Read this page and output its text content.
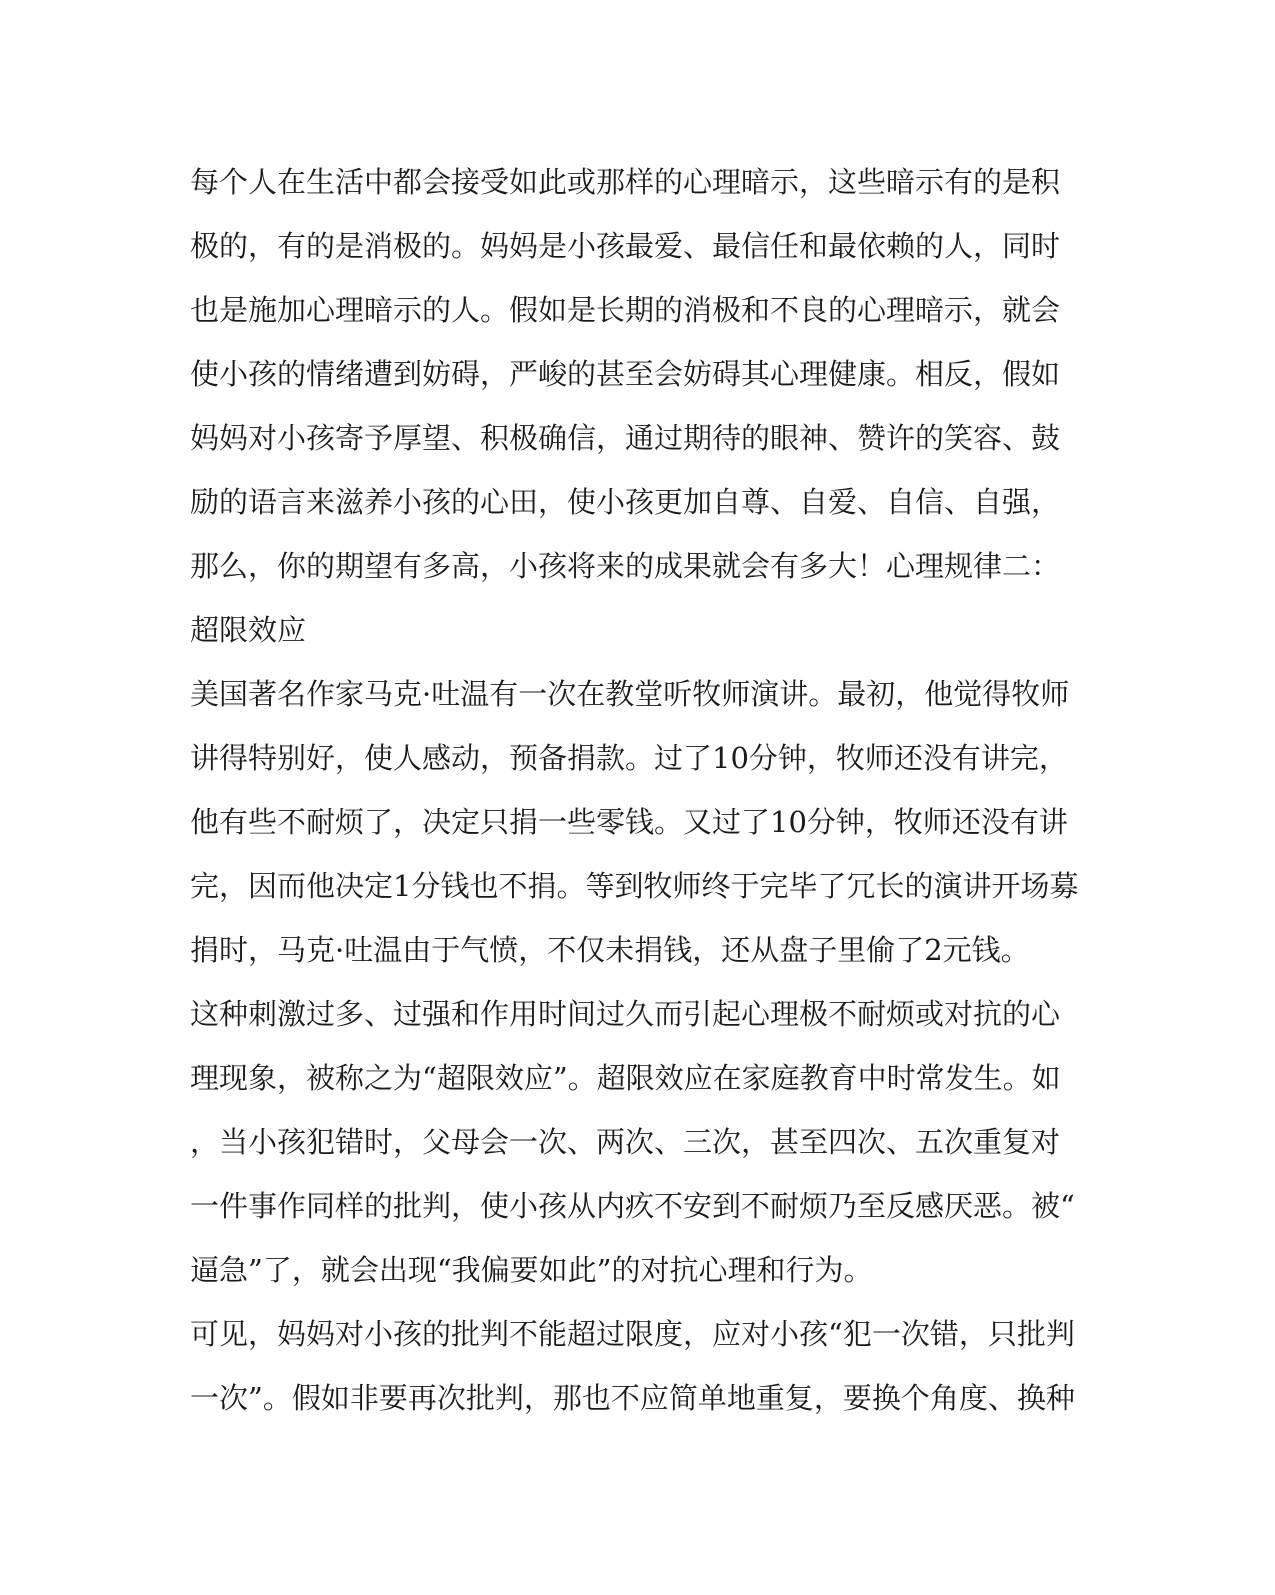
每个人在生活中都会接受如此或那样的心理暗示，这些暗示有的是积
极的，有的是消极的。妈妈是小孩最爱、最信任和最依赖的人，同时
也是施加心理暗示的人。假如是长期的消极和不良的心理暗示，就会
使小孩的情绪遭到妨碍，严峻的甚至会妨碍其心理健康。相反，假如
妈妈对小孩寄予厚望、积极确信，通过期待的眼神、赞许的笑容、鼓
励的语言来滋养小孩的心田，使小孩更加自尊、自爱、自信、自强，
那么，你的期望有多高，小孩将来的成果就会有多大！心理规律二：
超限效应
美国著名作家马克·吐温有一次在教堂听牧师演讲。最初，他觉得牧师
讲得特别好，使人感动，预备捐款。过了10分钟，牧师还没有讲完，
他有些不耐烦了，决定只捐一些零钱。又过了10分钟，牧师还没有讲
完，因而他决定1分钱也不捐。等到牧师终于完毕了冗长的演讲开场募
捐时，马克·吐温由于气愤，不仅未捐钱，还从盘子里偷了2元钱。
这种刺激过多、过强和作用时间过久而引起心理极不耐烦或对抗的心
理现象，被称之为“超限效应”。超限效应在家庭教育中时常发生。如
，当小孩犯错时，父母会一次、两次、三次，甚至四次、五次重复对
一件事作同样的批判，使小孩从内疚不安到不耐烦乃至反感厌恶。被“
逼急”了，就会出现“我偏要如此”的对抗心理和行为。
可见，妈妈对小孩的批判不能超过限度，应对小孩“犯一次错，只批判
一次”。假如非要再次批判，那也不应简单地重复，要换个角度、换种
